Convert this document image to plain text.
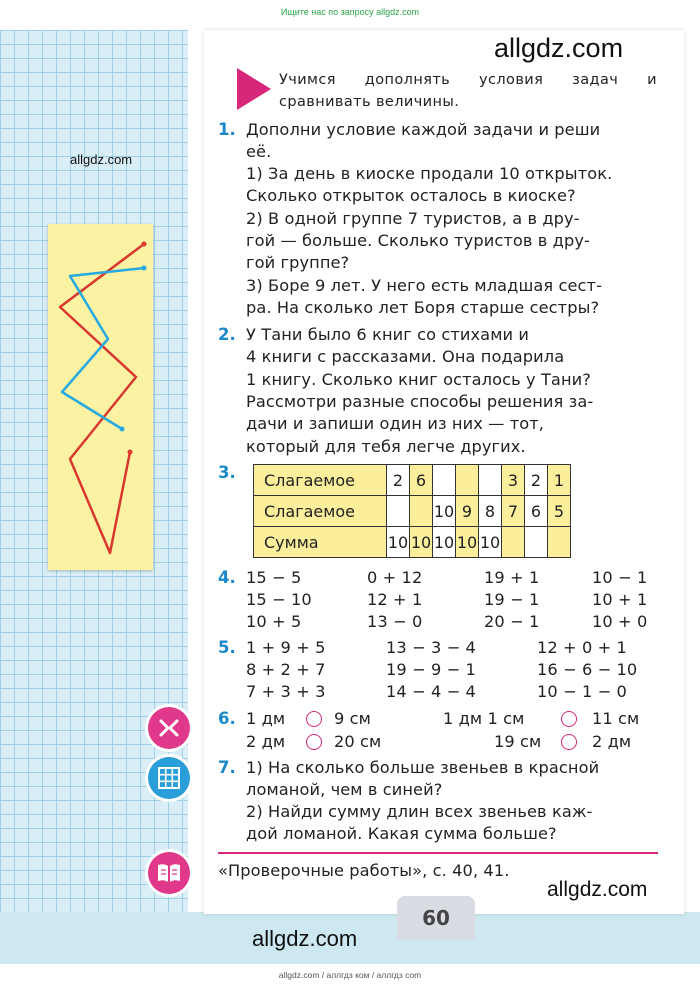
Ищите нас по запросу allgdz.com
allgdz.com
allgdz.com
allgdz.com
allgdz.com
Учимся дополнять условия задач и
сравнивать величины.
1. Дополни условие каждой задачи и реши
её.
1) За день в киоске продали 10 открыток.
Сколько открыток осталось в киоске?
2) В одной группе 7 туристов, а в дру-
гой — больше. Сколько туристов в дру-
гой группе?
3) Боре 9 лет. У него есть младшая сест-
ра. На сколько лет Боря старше сестры?
2. У Тани было 6 книг со стихами и
4 книги с рассказами. Она подарила
1 книгу. Сколько книг осталось у Тани?
Рассмотри разные способы решения за-
дачи и запиши один из них — тот,
который для тебя легче других.
3. Слагаемое	2	6				3	2	1
Слагаемое			10	9	8	7	6	5
Сумма	10	10	10	10	10			
4. 15 − 5	0 + 12	19 + 1	10 − 1
15 − 10	12 + 1	19 − 1	10 + 1
10 + 5	13 − 0	20 − 1	10 + 0
5. 1 + 9 + 5	13 − 3 − 4	12 + 0 + 1
8 + 2 + 7	19 − 9 − 1	16 − 6 − 10
7 + 3 + 3	14 − 4 − 4	10 − 1 − 0
6. 1 дм	9 см	1 дм 1 см	11 см
2 дм	20 см	19 см	2 дм
7. 1) На сколько больше звеньев в красной
ломаной, чем в синей?
2) Найди сумму длин всех звеньев каж-
дой ломаной. Какая сумма больше?
«Проверочные работы», с. 40, 41.
60
allgdz.com / аллгдз ком / аллгдз com
